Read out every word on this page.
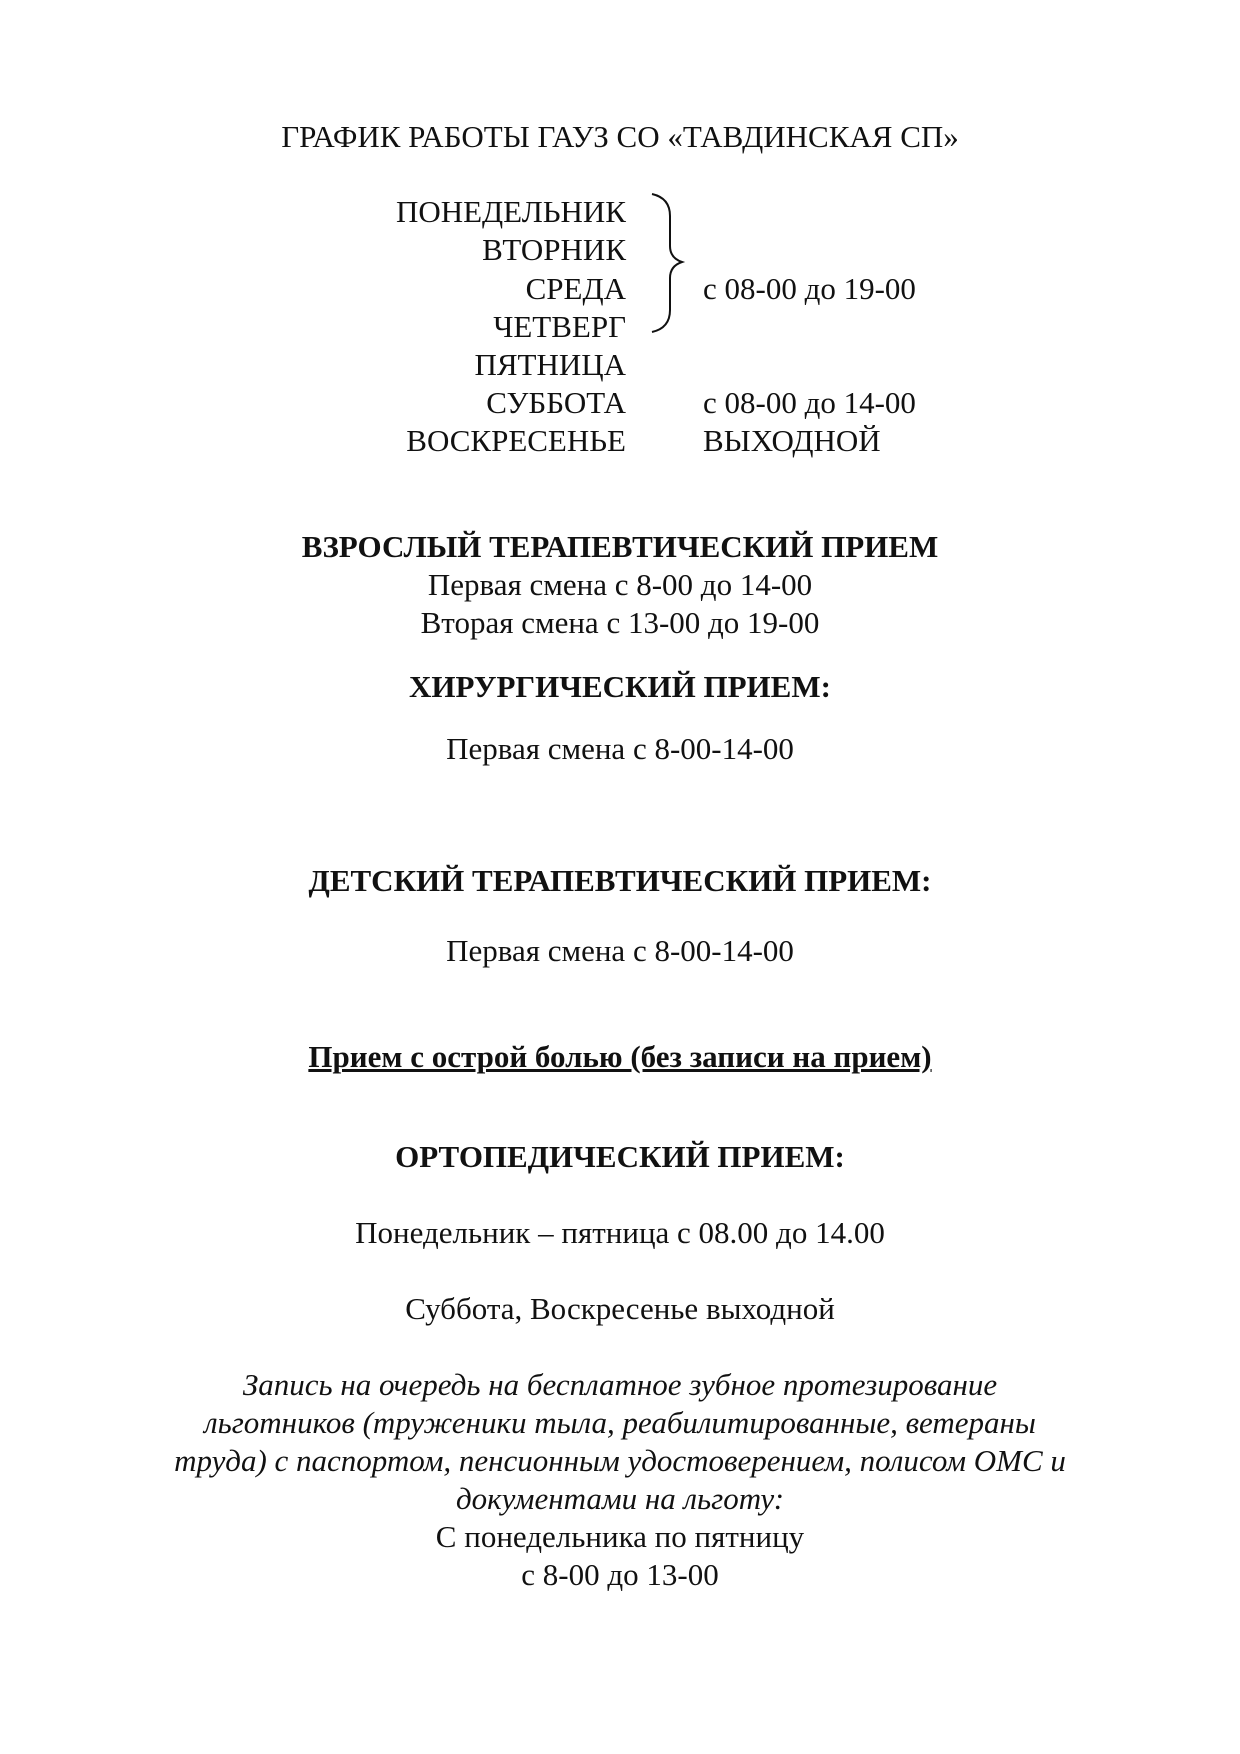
ГРАФИК РАБОТЫ ГАУЗ СО «ТАВДИНСКАЯ СП»
ПОНЕДЕЛЬНИК
ВТОРНИК
СРЕДА
ЧЕТВЕРГ
ПЯТНИЦА
СУББОТА
ВОСКРЕСЕНЬЕ
с 08-00 до 19-00
с 08-00 до 14-00
ВЫХОДНОЙ
ВЗРОСЛЫЙ ТЕРАПЕВТИЧЕСКИЙ ПРИЕМ
Первая смена с 8-00 до 14-00
Вторая смена с 13-00 до 19-00
ХИРУРГИЧЕСКИЙ ПРИЕМ:
Первая смена с 8-00-14-00
ДЕТСКИЙ ТЕРАПЕВТИЧЕСКИЙ ПРИЕМ:
Первая смена с 8-00-14-00
Прием с острой болью (без записи на прием)
ОРТОПЕДИЧЕСКИЙ ПРИЕМ:
Понедельник – пятница с 08.00 до 14.00
Суббота, Воскресенье выходной
Запись на очередь на бесплатное зубное протезирование
льготников (труженики тыла, реабилитированные, ветераны
труда) с паспортом, пенсионным удостоверением, полисом ОМС и
документами на льготу:
С понедельника по пятницу
с 8-00 до 13-00
